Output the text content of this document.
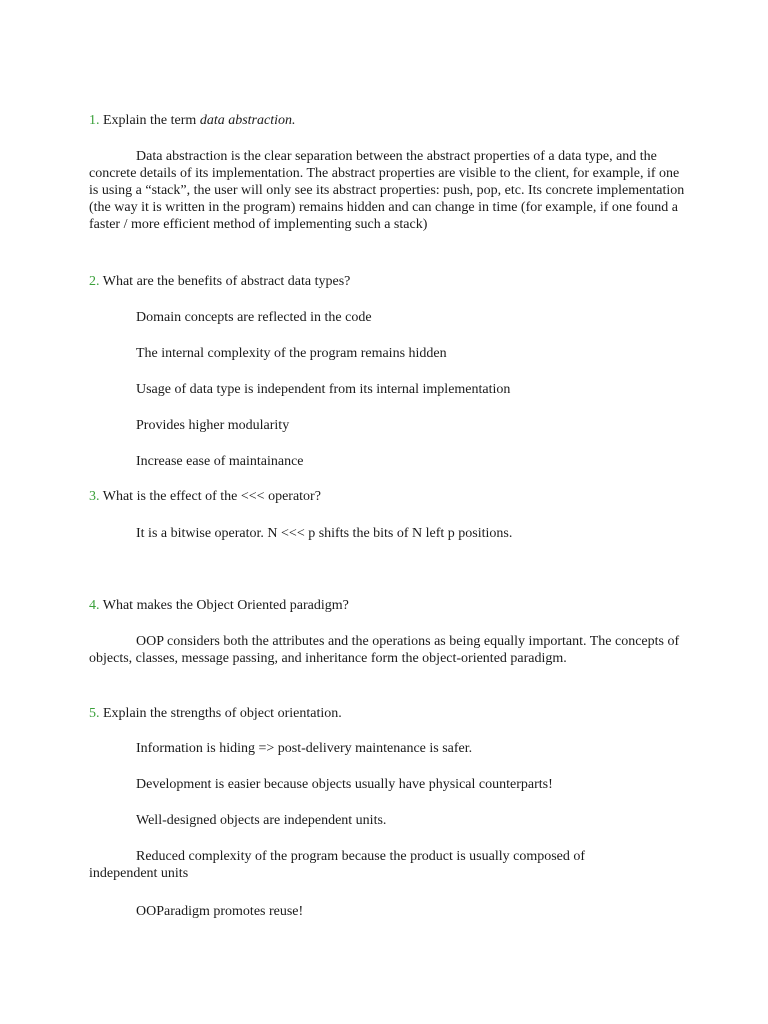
1. Explain the term data abstraction.

Data abstraction is the clear separation between the abstract properties of a data type, and the concrete details of its implementation. The abstract properties are visible to the client, for example, if one is using a “stack”, the user will only see its abstract properties: push, pop, etc. Its concrete implementation (the way it is written in the program) remains hidden and can change in time (for example, if one found a faster / more efficient method of implementing such a stack)

2. What are the benefits of abstract data types?
Domain concepts are reflected in the code
The internal complexity of the program remains hidden
Usage of data type is independent from its internal implementation
Provides higher modularity
Increase ease of maintainance
3. What is the effect of the <<< operator?
It is a bitwise operator. N <<< p shifts the bits of N left p positions.
4. What makes the Object Oriented paradigm?

OOP considers both the attributes and the operations as being equally important. The concepts of objects, classes, message passing, and inheritance form the object-oriented paradigm.

5. Explain the strengths of object orientation.
Information is hiding => post-delivery maintenance is safer.
Development is easier because objects usually have physical counterparts!
Well-designed objects are independent units.

Reduced complexity of the program because the product is usually composed of independent units

OOParadigm promotes reuse!
